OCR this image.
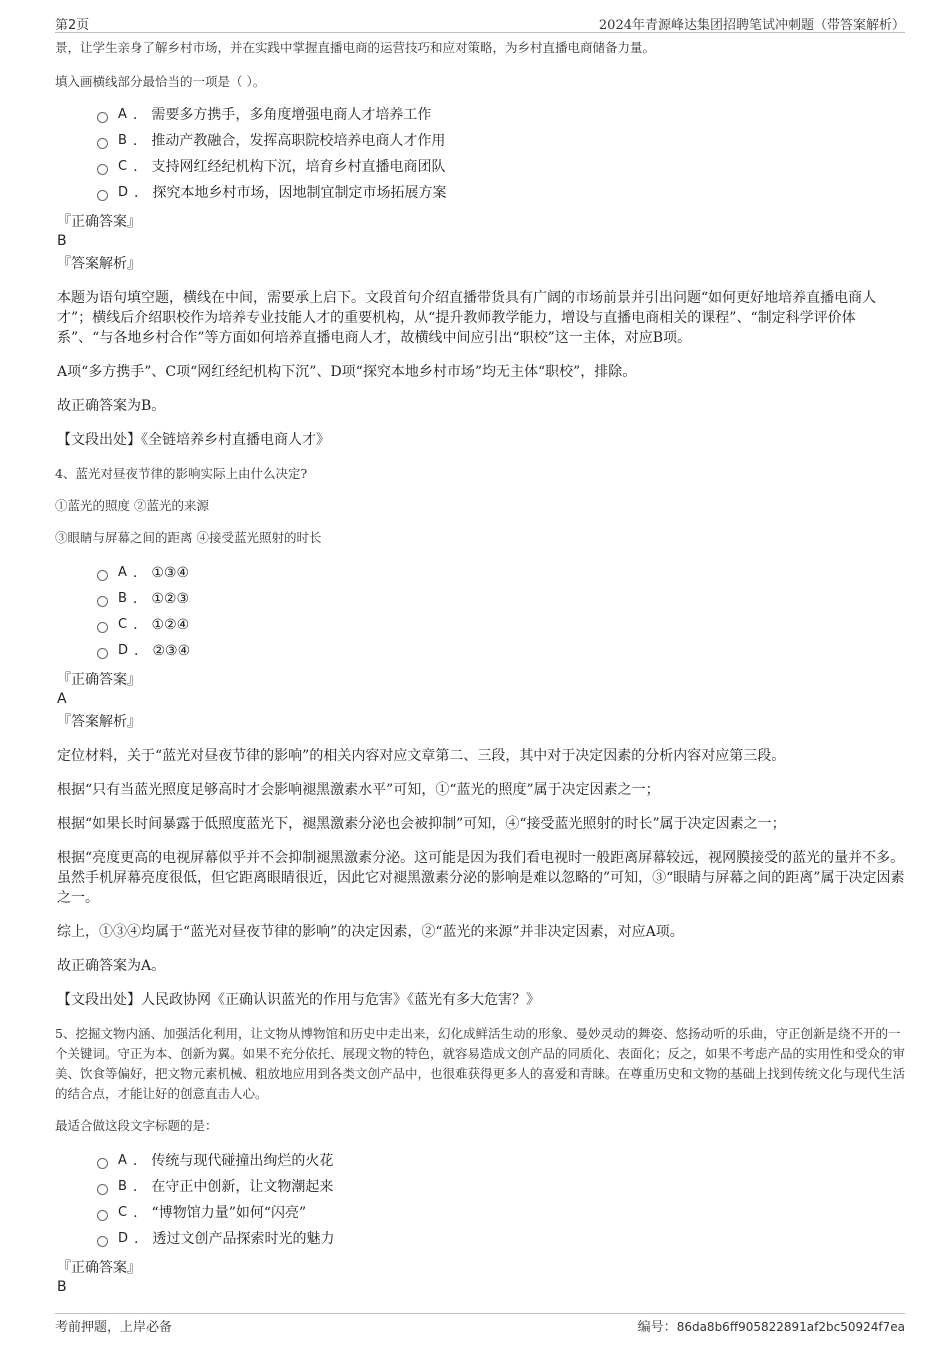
第2页	2024年青源峰达集团招聘笔试冲刺题（带答案解析）

景，让学生亲身了解乡村市场，并在实践中掌握直播电商的运营技巧和应对策略，为乡村直播电商储备力量。

填入画横线部分最恰当的一项是（ ）。

A . 需要多方携手，多角度增强电商人才培养工作
B . 推动产教融合，发挥高职院校培养电商人才作用
C . 支持网红经纪机构下沉，培育乡村直播电商团队
D . 探究本地乡村市场，因地制宜制定市场拓展方案
『正确答案』
B
『答案解析』

本题为语句填空题，横线在中间，需要承上启下。文段首句介绍直播带货具有广阔的市场前景并引出问题“如何更好地培养直播电商人才”；横线后介绍职校作为培养专业技能人才的重要机构，从“提升教师教学能力，增设与直播电商相关的课程”、“制定科学评价体系”、“与各地乡村合作”等方面如何培养直播电商人才，故横线中间应引出“职校”这一主体，对应B项。

A项“多方携手”、C项“网红经纪机构下沉”、D项“探究本地乡村市场”均无主体“职校”，排除。

故正确答案为B。

【文段出处】《全链培养乡村直播电商人才》

4、蓝光对昼夜节律的影响实际上由什么决定?

①蓝光的照度 ②蓝光的来源

③眼睛与屏幕之间的距离 ④接受蓝光照射的时长

A . ①③④
B . ①②③
C . ①②④
D . ②③④
『正确答案』
A
『答案解析』

定位材料，关于“蓝光对昼夜节律的影响”的相关内容对应文章第二、三段，其中对于决定因素的分析内容对应第三段。

根据“只有当蓝光照度足够高时才会影响褪黑激素水平”可知，①“蓝光的照度”属于决定因素之一；

根据“如果长时间暴露于低照度蓝光下，褪黑激素分泌也会被抑制”可知，④“接受蓝光照射的时长”属于决定因素之一；

根据“亮度更高的电视屏幕似乎并不会抑制褪黑激素分泌。这可能是因为我们看电视时一般距离屏幕较远，视网膜接受的蓝光的量并不多。虽然手机屏幕亮度很低，但它距离眼睛很近，因此它对褪黑激素分泌的影响是难以忽略的”可知，③“眼睛与屏幕之间的距离”属于决定因素之一。

综上，①③④均属于“蓝光对昼夜节律的影响”的决定因素，②“蓝光的来源”并非决定因素，对应A项。

故正确答案为A。

【文段出处】人民政协网《正确认识蓝光的作用与危害》《蓝光有多大危害？》

5、挖掘文物内涵、加强活化利用，让文物从博物馆和历史中走出来，幻化成鲜活生动的形象、曼妙灵动的舞姿、悠扬动听的乐曲，守正创新是绕不开的一个关键词。守正为本、创新为翼。如果不充分依托、展现文物的特色，就容易造成文创产品的同质化、表面化；反之，如果不考虑产品的实用性和受众的审美、饮食等偏好，把文物元素机械、粗放地应用到各类文创产品中，也很难获得更多人的喜爱和青睐。在尊重历史和文物的基础上找到传统文化与现代生活的结合点，才能让好的创意直击人心。

最适合做这段文字标题的是：

A . 传统与现代碰撞出绚烂的火花
B . 在守正中创新，让文物潮起来
C . “博物馆力量”如何“闪亮”
D . 透过文创产品探索时光的魅力
『正确答案』
B
考前押题，上岸必备	编号：86da8b6ff905822891af2bc50924f7ea
